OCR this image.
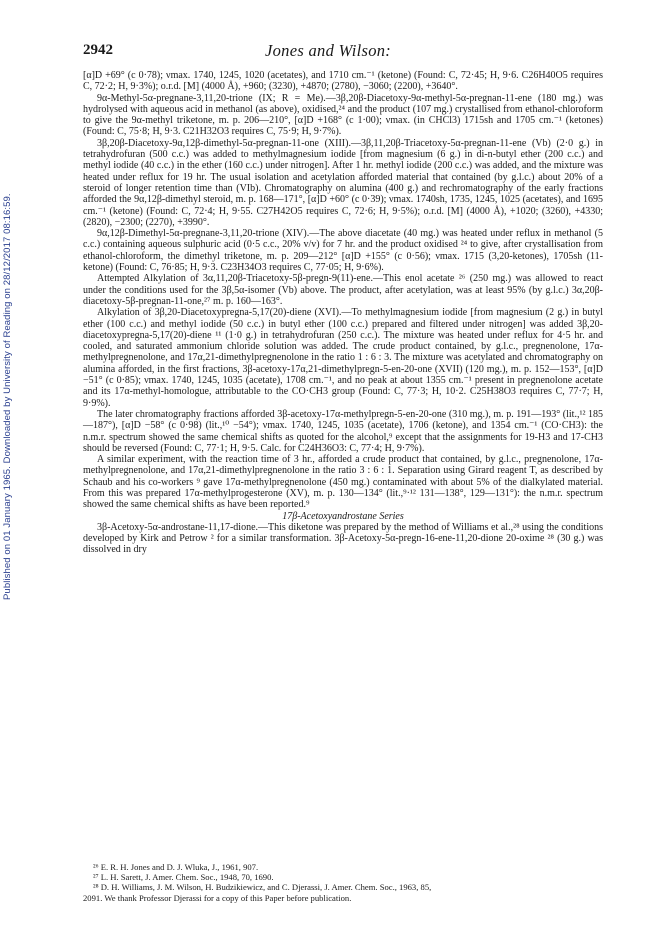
Published on 01 January 1965. Downloaded by University of Reading on 28/12/2017 08:16:59.
2942	Jones and Wilson:

[α]D +69° (c 0·78); νmax. 1740, 1245, 1020 (acetates), and 1710 cm.⁻¹ (ketone) (Found: C, 72·45; H, 9·6. C26H40O5 requires C, 72·2; H, 9·3%); o.r.d. [M] (4000 Å), +960; (3230), +4870; (2780), −3060; (2200), +3640°.

9α-Methyl-5α-pregnane-3,11,20-trione (IX; R = Me).—3β,20β-Diacetoxy-9α-methyl-5α-pregnan-11-ene (180 mg.) was hydrolysed with aqueous acid in methanol (as above), oxidised,²⁴ and the product (107 mg.) crystallised from ethanol-chloroform to give the 9α-methyl triketone, m. p. 206—210°, [α]D +168° (c 1·00); νmax. (in CHCl3) 1715sh and 1705 cm.⁻¹ (ketones) (Found: C, 75·8; H, 9·3. C21H32O3 requires C, 75·9; H, 9·7%).

3β,20β-Diacetoxy-9α,12β-dimethyl-5α-pregnan-11-one (XIII).—3β,11,20β-Triacetoxy-5α-pregnan-11-ene (Vb) (2·0 g.) in tetrahydrofuran (500 c.c.) was added to methylmagnesium iodide [from magnesium (6 g.) in di-n-butyl ether (200 c.c.) and methyl iodide (40 c.c.) in the ether (160 c.c.) under nitrogen]. After 1 hr. methyl iodide (200 c.c.) was added, and the mixture was heated under reflux for 19 hr. The usual isolation and acetylation afforded material that contained (by g.l.c.) about 20% of a steroid of longer retention time than (VIb). Chromatography on alumina (400 g.) and rechromatography of the early fractions afforded the 9α,12β-dimethyl steroid, m. p. 168—171°, [α]D +60° (c 0·39); νmax. 1740sh, 1735, 1245, 1025 (acetates), and 1695 cm.⁻¹ (ketone) (Found: C, 72·4; H, 9·55. C27H42O5 requires C, 72·6; H, 9·5%); o.r.d. [M] (4000 Å), +1020; (3260), +4330; (2820), −2300; (2270), +3990°.

9α,12β-Dimethyl-5α-pregnane-3,11,20-trione (XIV).—The above diacetate (40 mg.) was heated under reflux in methanol (5 c.c.) containing aqueous sulphuric acid (0·5 c.c., 20% v/v) for 7 hr. and the product oxidised ²⁴ to give, after crystallisation from ethanol-chloroform, the dimethyl triketone, m. p. 209—212° [α]D +155° (c 0·56); νmax. 1715 (3,20-ketones), 1705sh (11-ketone) (Found: C, 76·85; H, 9·3. C23H34O3 requires C, 77·05; H, 9·6%).

Attempted Alkylation of 3α,11,20β-Triacetoxy-5β-pregn-9(11)-ene.—This enol acetate ²⁶ (250 mg.) was allowed to react under the conditions used for the 3β,5α-isomer (Vb) above. The product, after acetylation, was at least 95% (by g.l.c.) 3α,20β-diacetoxy-5β-pregnan-11-one,²⁷ m. p. 160—163°.

Alkylation of 3β,20-Diacetoxypregna-5,17(20)-diene (XVI).—To methylmagnesium iodide [from magnesium (2 g.) in butyl ether (100 c.c.) and methyl iodide (50 c.c.) in butyl ether (100 c.c.) prepared and filtered under nitrogen] was added 3β,20-diacetoxypregna-5,17(20)-diene ¹¹ (1·0 g.) in tetrahydrofuran (250 c.c.). The mixture was heated under reflux for 4·5 hr. and cooled, and saturated ammonium chloride solution was added. The crude product contained, by g.l.c., pregnenolone, 17α-methylpregnenolone, and 17α,21-dimethylpregnenolone in the ratio 1 : 6 : 3. The mixture was acetylated and chromatography on alumina afforded, in the first fractions, 3β-acetoxy-17α,21-dimethylpregn-5-en-20-one (XVII) (120 mg.), m. p. 152—153°, [α]D −51° (c 0·85); νmax. 1740, 1245, 1035 (acetate), 1708 cm.⁻¹, and no peak at about 1355 cm.⁻¹ present in pregnenolone acetate and its 17α-methyl-homologue, attributable to the CO·CH3 group (Found: C, 77·3; H, 10·2. C25H38O3 requires C, 77·7; H, 9·9%).

The later chromatography fractions afforded 3β-acetoxy-17α-methylpregn-5-en-20-one (310 mg.), m. p. 191—193° (lit.,¹² 185—187°), [α]D −58° (c 0·98) (lit.,¹⁰ −54°); νmax. 1740, 1245, 1035 (acetate), 1706 (ketone), and 1354 cm.⁻¹ (CO·CH3): the n.m.r. spectrum showed the same chemical shifts as quoted for the alcohol,⁹ except that the assignments for 19-H3 and 17-CH3 should be reversed (Found: C, 77·1; H, 9·5. Calc. for C24H36O3: C, 77·4; H, 9·7%).

A similar experiment, with the reaction time of 3 hr., afforded a crude product that contained, by g.l.c., pregnenolone, 17α-methylpregnenolone, and 17α,21-dimethylpregnenolone in the ratio 3 : 6 : 1. Separation using Girard reagent T, as described by Schaub and his co-workers ⁹ gave 17α-methylpregnenolone (450 mg.) contaminated with about 5% of the dialkylated material. From this was prepared 17α-methylprogesterone (XV), m. p. 130—134° (lit.,⁹·¹² 131—138°, 129—131°): the n.m.r. spectrum showed the same chemical shifts as have been reported.⁹

17β-Acetoxyandrostane Series

3β-Acetoxy-5α-androstane-11,17-dione.—This diketone was prepared by the method of Williams et al.,²⁸ using the conditions developed by Kirk and Petrow ² for a similar transformation. 3β-Acetoxy-5α-pregn-16-ene-11,20-dione 20-oxime ²⁸ (30 g.) was dissolved in dry

²⁶ E. R. H. Jones and D. J. Wluka, J., 1961, 907.

²⁷ L. H. Sarett, J. Amer. Chem. Soc., 1948, 70, 1690.

²⁸ D. H. Williams, J. M. Wilson, H. Budzikiewicz, and C. Djerassi, J. Amer. Chem. Soc., 1963, 85,

2091. We thank Professor Djerassi for a copy of this Paper before publication.
